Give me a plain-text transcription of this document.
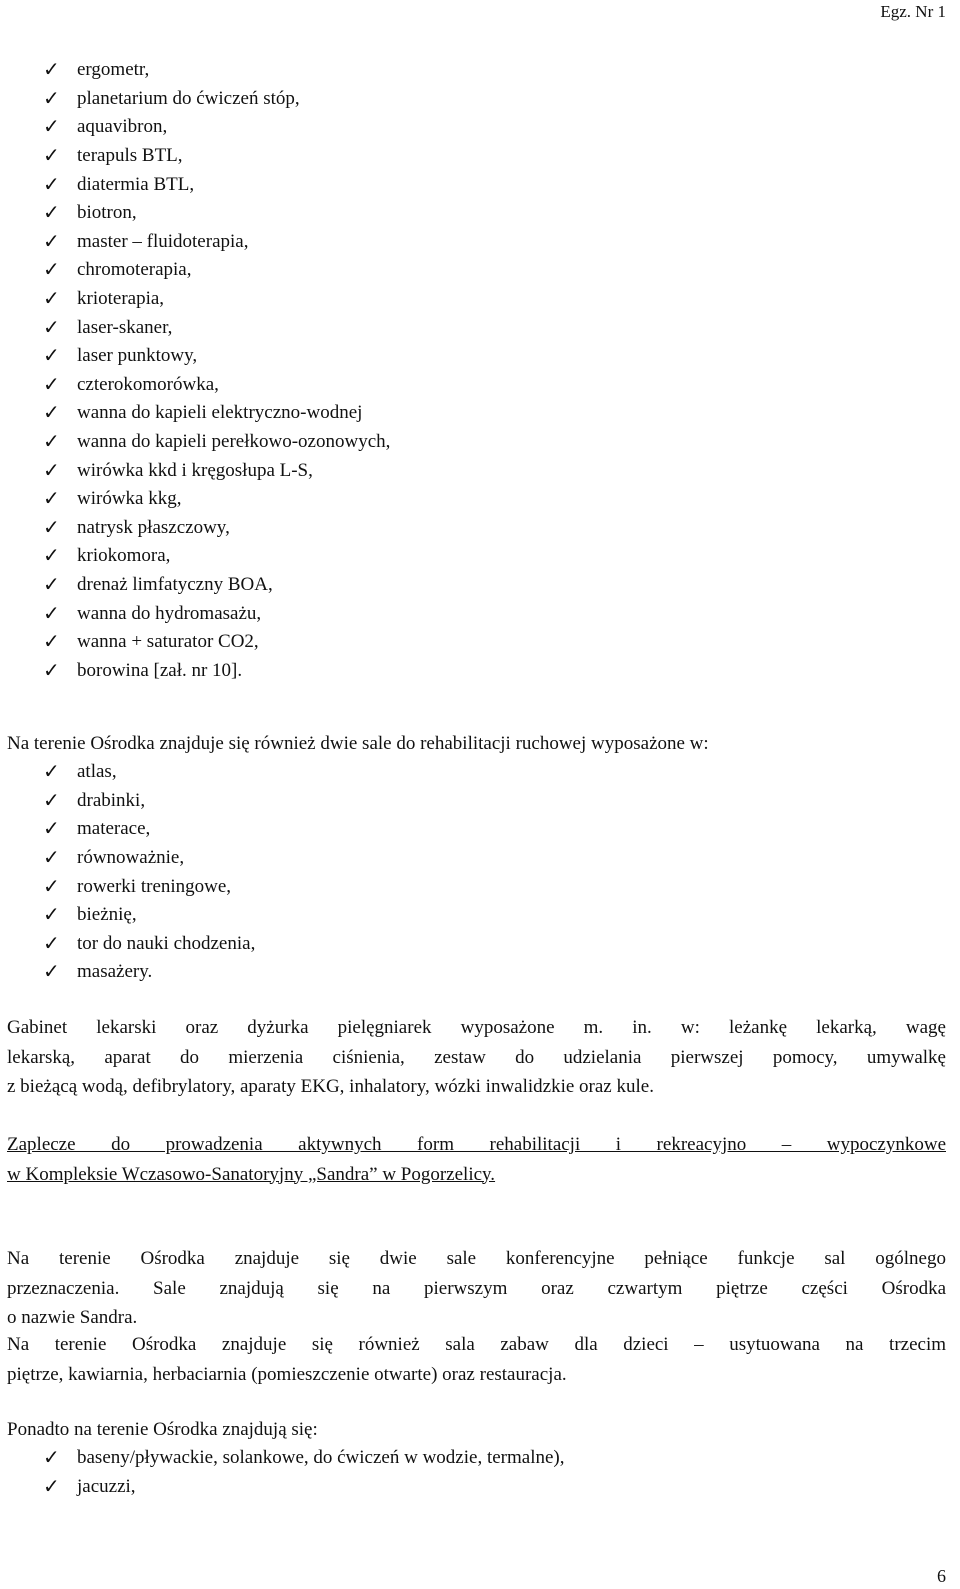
Egz. Nr 1
✓ ergometr,
✓ planetarium do ćwiczeń stóp,
✓ aquavibron,
✓ terapuls BTL,
✓ diatermia BTL,
✓ biotron,
✓ master – fluidoterapia,
✓ chromoterapia,
✓ krioterapia,
✓ laser-skaner,
✓ laser punktowy,
✓ czterokomorówka,
✓ wanna do kapieli elektryczno-wodnej
✓ wanna do kapieli perełkowo-ozonowych,
✓ wirówka kkd i kręgosłupa L-S,
✓ wirówka kkg,
✓ natrysk płaszczowy,
✓ kriokomora,
✓ drenaż limfatyczny BOA,
✓ wanna do hydromasażu,
✓ wanna + saturator CO2,
✓ borowina [zał. nr 10].

Na terenie Ośrodka znajduje się również dwie sale do rehabilitacji ruchowej wyposażone w:

✓ atlas,
✓ drabinki,
✓ materace,
✓ równoważnie,
✓ rowerki treningowe,
✓ bieżnię,
✓ tor do nauki chodzenia,
✓ masażery.

Gabinet lekarski oraz dyżurka pielęgniarek wyposażone m. in. w: leżankę lekarką, wagę
lekarską, aparat do mierzenia ciśnienia, zestaw do udzielania pierwszej pomocy, umywalkę
z bieżącą wodą, defibrylatory, aparaty EKG, inhalatory, wózki inwalidzkie oraz kule.

Zaplecze do prowadzenia aktywnych form rehabilitacji i rekreacyjno – wypoczynkowe
w Kompleksie Wczasowo-Sanatoryjny „Sandra” w Pogorzelicy.

Na terenie Ośrodka znajduje się dwie sale konferencyjne pełniące funkcje sal ogólnego
przeznaczenia. Sale znajdują się na pierwszym oraz czwartym piętrze części Ośrodka
o nazwie Sandra.

Na terenie Ośrodka znajduje się również sala zabaw dla dzieci – usytuowana na trzecim
piętrze, kawiarnia, herbaciarnia (pomieszczenie otwarte) oraz restauracja.

Ponadto na terenie Ośrodka znajdują się:

✓ baseny/pływackie, solankowe, do ćwiczeń w wodzie, termalne),
✓ jacuzzi,
6
